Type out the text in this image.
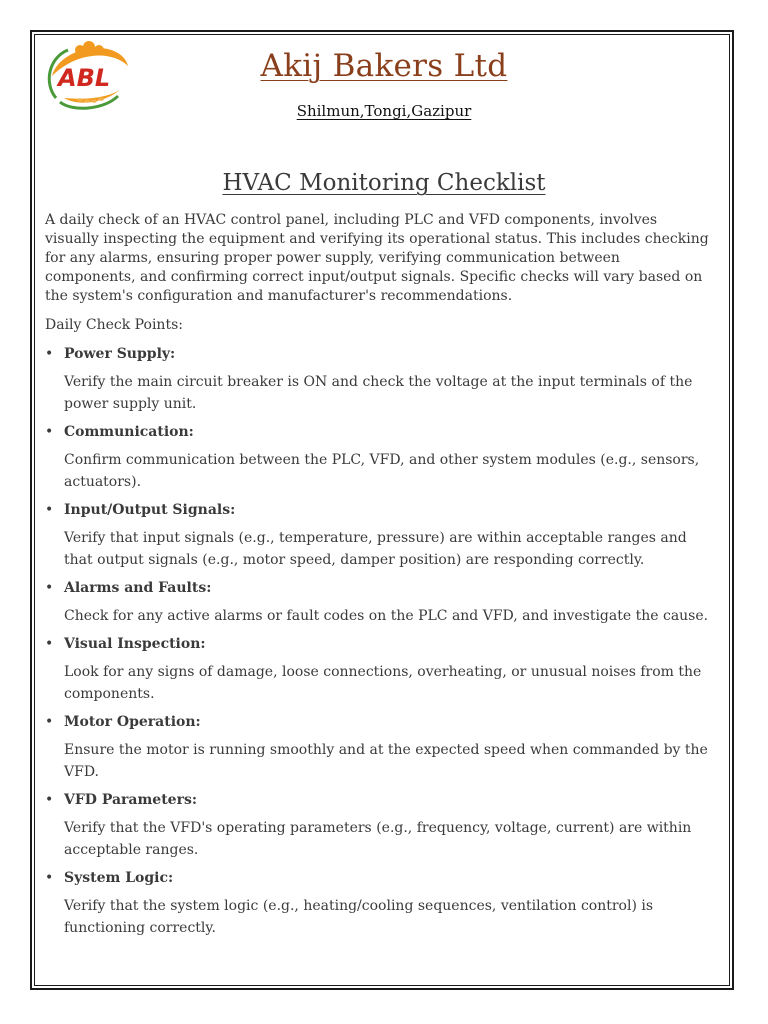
ABL	Akij Bakers Ltd
Shilmun,Tongi,Gazipur
HVAC Monitoring Checklist

A daily check of an HVAC control panel, including PLC and VFD components, involves visually inspecting the equipment and verifying its operational status. This includes checking for any alarms, ensuring proper power supply, verifying communication between components, and confirming correct input/output signals. Specific checks will vary based on the system's configuration and manufacturer's recommendations.

Daily Check Points:

• Power Supply:
Verify the main circuit breaker is ON and check the voltage at the input terminals of the power supply unit.
• Communication:
Confirm communication between the PLC, VFD, and other system modules (e.g., sensors, actuators).
• Input/Output Signals:
Verify that input signals (e.g., temperature, pressure) are within acceptable ranges and that output signals (e.g., motor speed, damper position) are responding correctly.
• Alarms and Faults:
Check for any active alarms or fault codes on the PLC and VFD, and investigate the cause.
• Visual Inspection:
Look for any signs of damage, loose connections, overheating, or unusual noises from the components.
• Motor Operation:
Ensure the motor is running smoothly and at the expected speed when commanded by the VFD.
• VFD Parameters:
Verify that the VFD's operating parameters (e.g., frequency, voltage, current) are within acceptable ranges.
• System Logic:
Verify that the system logic (e.g., heating/cooling sequences, ventilation control) is functioning correctly.
